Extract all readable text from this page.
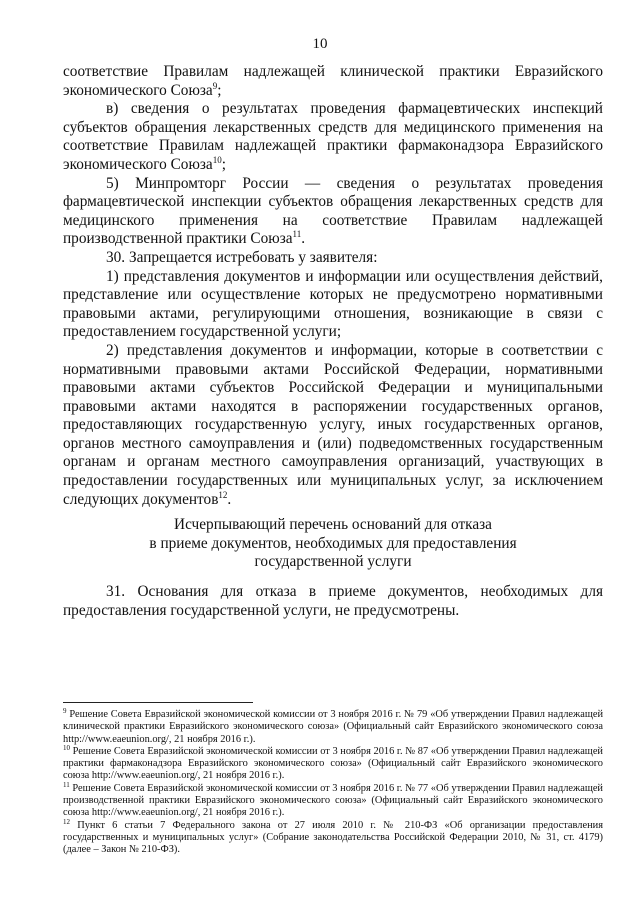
10

соответствие Правилам надлежащей клинической практики Евразийского экономического Союза$^9$;

в) сведения о результатах проведения фармацевтических инспекций субъектов обращения лекарственных средств для медицинского применения на соответствие Правилам надлежащей практики фармаконадзора Евразийского экономического Союза$^{10}$;

5) Минпромторг России — сведения о результатах проведения фармацевтической инспекции субъектов обращения лекарственных средств для медицинского применения на соответствие Правилам надлежащей производственной практики Союза$^{11}$.

30. Запрещается истребовать у заявителя:

1) представления документов и информации или осуществления действий, представление или осуществление которых не предусмотрено нормативными правовыми актами, регулирующими отношения, возникающие в связи с предоставлением государственной услуги;

2) представления документов и информации, которые в соответствии с нормативными правовыми актами Российской Федерации, нормативными правовыми актами субъектов Российской Федерации и муниципальными правовыми актами находятся в распоряжении государственных органов, предоставляющих государственную услугу, иных государственных органов, органов местного самоуправления и (или) подведомственных государственным органам и органам местного самоуправления организаций, участвующих в предоставлении государственных или муниципальных услуг, за исключением следующих документов$^{12}$.

Исчерпывающий перечень оснований для отказа
в приеме документов, необходимых для предоставления
государственной услуги

31. Основания для отказа в приеме документов, необходимых для предоставления государственной услуги, не предусмотрены.

$^9$ Решение Совета Евразийской экономической комиссии от 3 ноября 2016 г. № 79 «Об утверждении Правил надлежащей клинической практики Евразийского экономического союза» (Официальный сайт Евразийского экономического союза http://www.eaeunion.org/, 21 ноября 2016 г.).

$^{10}$ Решение Совета Евразийской экономической комиссии от 3 ноября 2016 г. № 87 «Об утверждении Правил надлежащей практики фармаконадзора Евразийского экономического союза» (Официальный сайт Евразийского экономического союза http://www.eaeunion.org/, 21 ноября 2016 г.).

$^{11}$ Решение Совета Евразийской экономической комиссии от 3 ноября 2016 г. № 77 «Об утверждении Правил надлежащей производственной практики Евразийского экономического союза» (Официальный сайт Евразийского экономического союза http://www.eaeunion.org/, 21 ноября 2016 г.).

$^{12}$ Пункт 6 статьи 7 Федерального закона от 27 июля 2010 г. № 210-ФЗ «Об организации предоставления государственных и муниципальных услуг» (Собрание законодательства Российской Федерации 2010, № 31, ст. 4179) (далее – Закон № 210-ФЗ).
